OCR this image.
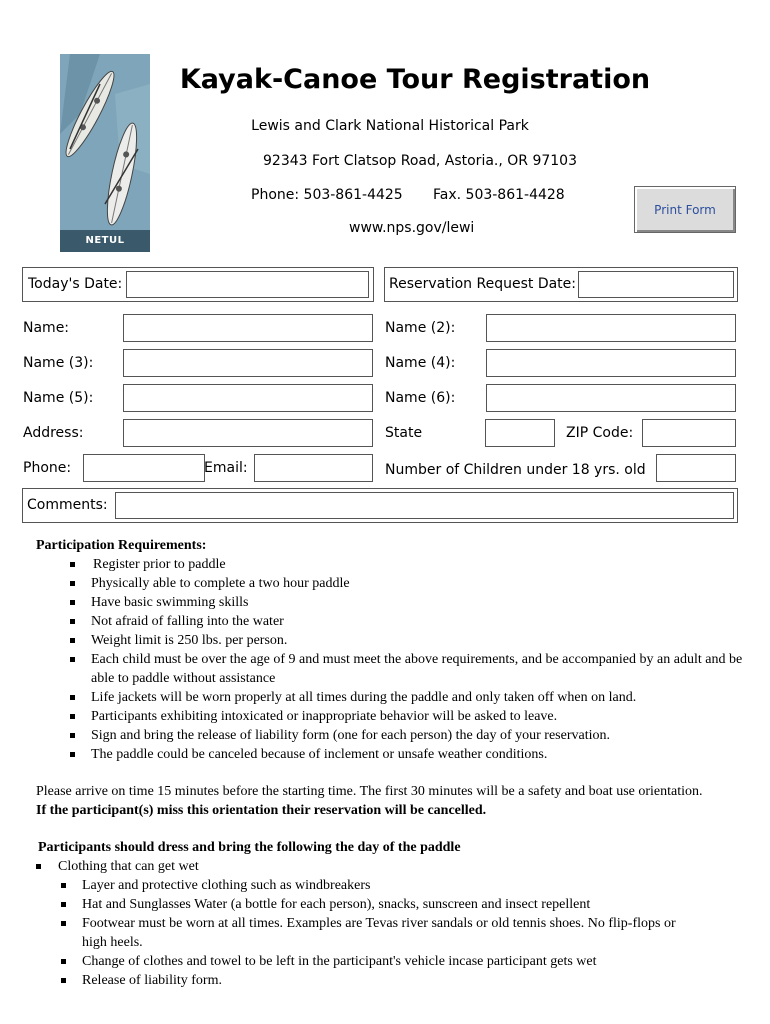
NETUL LANDING
Kayak-Canoe Tour Registration
Lewis and Clark National Historical Park
92343 Fort Clatsop Road, Astoria., OR 97103
Phone: 503-861-4425 Fax. 503-861-4428
www.nps.gov/lewi
Print Form
Today's Date:	Reservation Request Date:
Name:	Name (2):
Name (3):	Name (4):
Name (5):	Name (6):
Address:	State	ZIP Code:
Phone:	Email:	Number of Children under 18 yrs. old
Comments:
Participation Requirements:
Register prior to paddle
Physically able to complete a two hour paddle
Have basic swimming skills
Not afraid of falling into the water
Weight limit is 250 lbs. per person.
Each child must be over the age of 9 and must meet the above requirements, and be accompanied by an adult and be able to paddle without assistance
Life jackets will be worn properly at all times during the paddle and only taken off when on land.
Participants exhibiting intoxicated or inappropriate behavior will be asked to leave.
Sign and bring the release of liability form (one for each person) the day of your reservation.
The paddle could be canceled because of inclement or unsafe weather conditions.
Please arrive on time 15 minutes before the starting time. The first 30 minutes will be a safety and boat use orientation. If the participant(s) miss this orientation their reservation will be cancelled.
Participants should dress and bring the following the day of the paddle
Clothing that can get wet
Layer and protective clothing such as windbreakers
Hat and Sunglasses Water (a bottle for each person), snacks, sunscreen and insect repellent
Footwear must be worn at all times. Examples are Tevas river sandals or old tennis shoes. No flip-flops or high heels.
Change of clothes and towel to be left in the participant's vehicle incase participant gets wet
Release of liability form.
